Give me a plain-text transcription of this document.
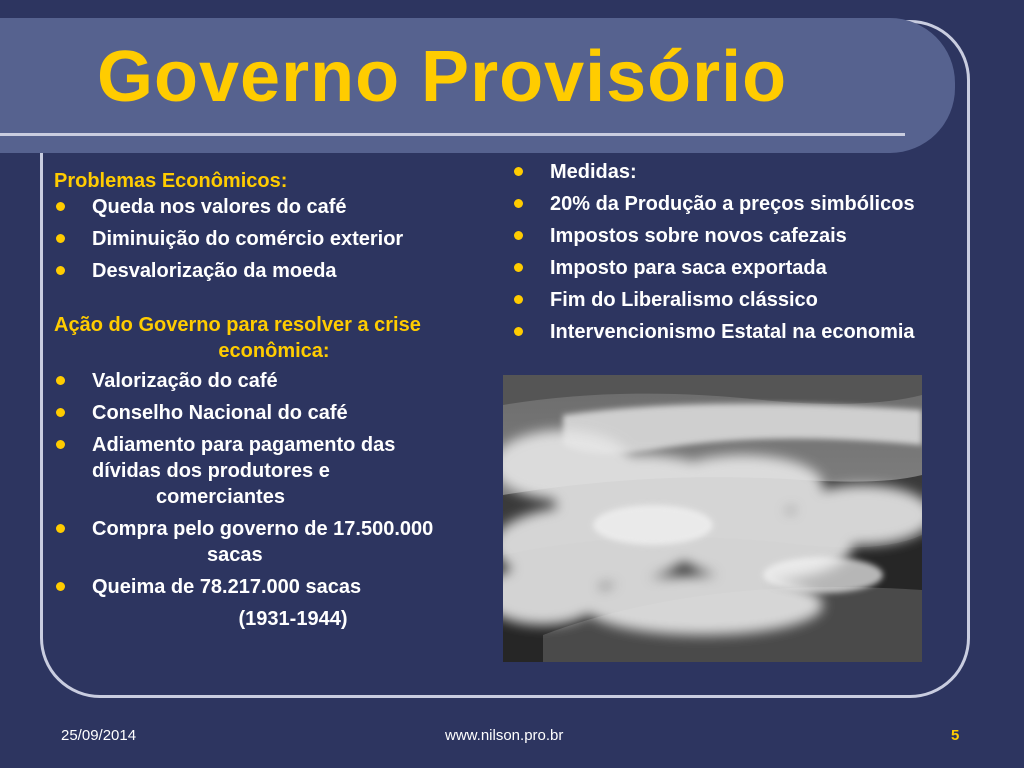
Governo Provisório

Problemas Econômicos:

Queda nos valores do café
Diminuição do comércio exterior
Desvalorização da moeda

Ação do Governo para resolver a crise

econômica:

Valorização do café
Conselho Nacional do café
Adiamento para pagamento das
dívidas dos produtores e
comerciantes
Compra pelo governo de 17.500.000
sacas
Queima de 78.217.000 sacas
(1931-1944)
Medidas:
20% da Produção a preços simbólicos
Impostos sobre novos cafezais
Imposto para saca exportada
Fim do Liberalismo clássico
Intervencionismo Estatal na economia
25/09/2014	www.nilson.pro.br	5
